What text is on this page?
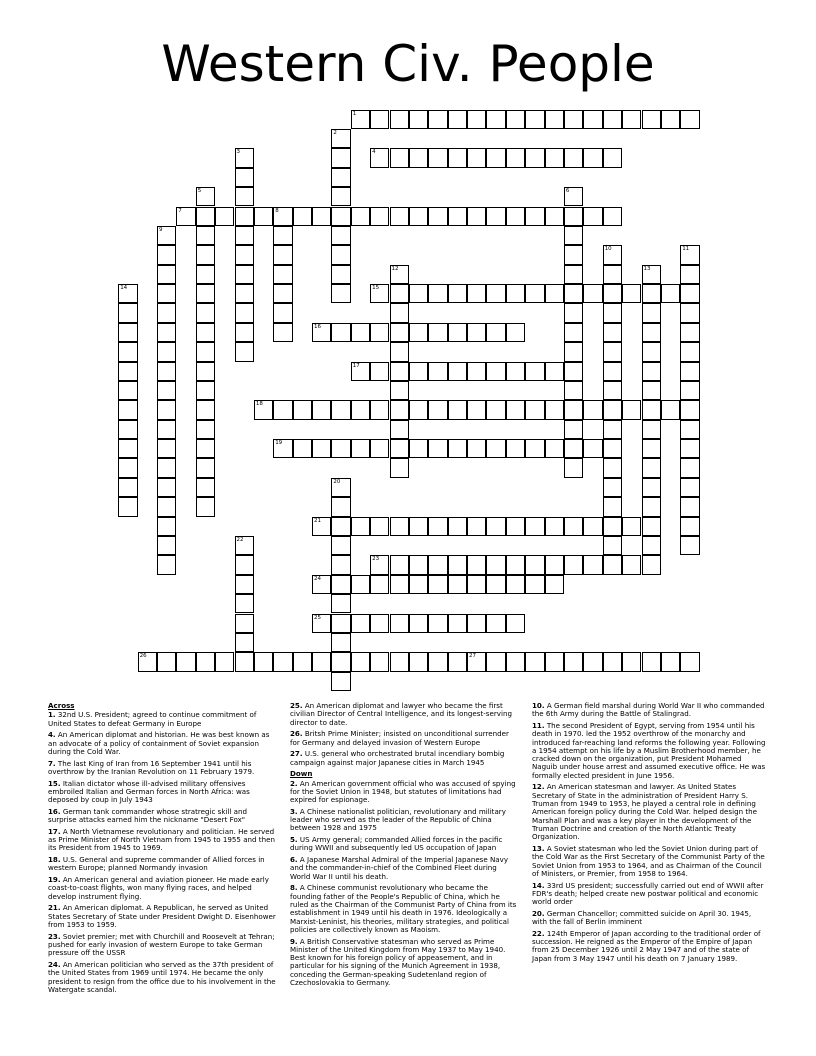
Western Civ. People
1
2
3	4
5	6
7	8
9
10	11
12	13
14	15
16
17
18
19
20
21
22
23
24
25
26	27
Across
1. 32nd U.S. President; agreed to continue commitment of United States to defeat Germany in Europe
4. An American diplomat and historian. He was best known as an advocate of a policy of containment of Soviet expansion during the Cold War.
7. The last King of Iran from 16 September 1941 until his overthrow by the Iranian Revolution on 11 February 1979.
15. Italian dictator whose ill-advised military offensives embroiled Italian and German forces in North Africa: was deposed by coup in July 1943
16. German tank commander whose stratregic skill and surprise attacks earned him the nickname "Desert Fox"
17. A North Vietnamese revolutionary and politician. He served as Prime Minister of North Vietnam from 1945 to 1955 and then its President from 1945 to 1969.
18. U.S. General and supreme commander of Allied forces in western Europe; planned Normandy invasion
19. An American general and aviation pioneer. He made early coast-to-coast flights, won many flying races, and helped develop instrument flying.
21. An American diplomat. A Republican, he served as United States Secretary of State under President Dwight D. Eisenhower from 1953 to 1959.
23. Soviet premier; met with Churchill and Roosevelt at Tehran; pushed for early invasion of western Europe to take German pressure off the USSR
24. An American politician who served as the 37th president of the United States from 1969 until 1974. He became the only president to resign from the office due to his involvement in the Watergate scandal.
25. An American diplomat and lawyer who became the first civilian Director of Central Intelligence, and its longest-serving director to date.
26. Britsh Prime Minister; insisted on unconditional surrender for Germany and delayed invasion of Western Europe
27. U.S. general who orchestrated brutal incendiary bombig campaign against major Japanese cities in March 1945
Down
2. An American government official who was accused of spying for the Soviet Union in 1948, but statutes of limitations had expired for espionage.
3. A Chinese nationalist politician, revolutionary and military leader who served as the leader of the Republic of China between 1928 and 1975
5. US Army general; commanded Allied forces in the pacific during WWII and subsequently led US occupation of Japan
6. A Japanese Marshal Admiral of the Imperial Japanese Navy and the commander-in-chief of the Combined Fleet during World War II until his death.
8. A Chinese communist revolutionary who became the founding father of the People's Republic of China, which he ruled as the Chairman of the Communist Party of China from its establishment in 1949 until his death in 1976. Ideologically a Marxist-Leninist, his theories, military strategies, and political policies are collectively known as Maoism.
9. A British Conservative statesman who served as Prime Minister of the United Kingdom from May 1937 to May 1940. Best known for his foreign policy of appeasement, and in particular for his signing of the Munich Agreement in 1938, conceding the German-speaking Sudetenland region of Czechoslovakia to Germany.
10. A German field marshal during World War II who commanded the 6th Army during the Battle of Stalingrad.
11. The second President of Egypt, serving from 1954 until his death in 1970. led the 1952 overthrow of the monarchy and introduced far-reaching land reforms the following year. Following a 1954 attempt on his life by a Muslim Brotherhood member, he cracked down on the organization, put President Mohamed Naguib under house arrest and assumed executive office. He was formally elected president in June 1956.
12. An American statesman and lawyer. As United States Secretary of State in the administration of President Harry S. Truman from 1949 to 1953, he played a central role in defining American foreign policy during the Cold War. helped design the Marshall Plan and was a key player in the development of the Truman Doctrine and creation of the North Atlantic Treaty Organization.
13. A Soviet statesman who led the Soviet Union during part of the Cold War as the First Secretary of the Communist Party of the Soviet Union from 1953 to 1964, and as Chairman of the Council of Ministers, or Premier, from 1958 to 1964.
14. 33rd US president; successfully carried out end of WWII after FDR's death; helped create new postwar political and economic world order
20. German Chancellor; committed suicide on April 30. 1945, with the fall of Berlin imminent
22. 124th Emperor of Japan according to the traditional order of succession. He reigned as the Emperor of the Empire of Japan from 25 December 1926 until 2 May 1947 and of the state of Japan from 3 May 1947 until his death on 7 January 1989.
